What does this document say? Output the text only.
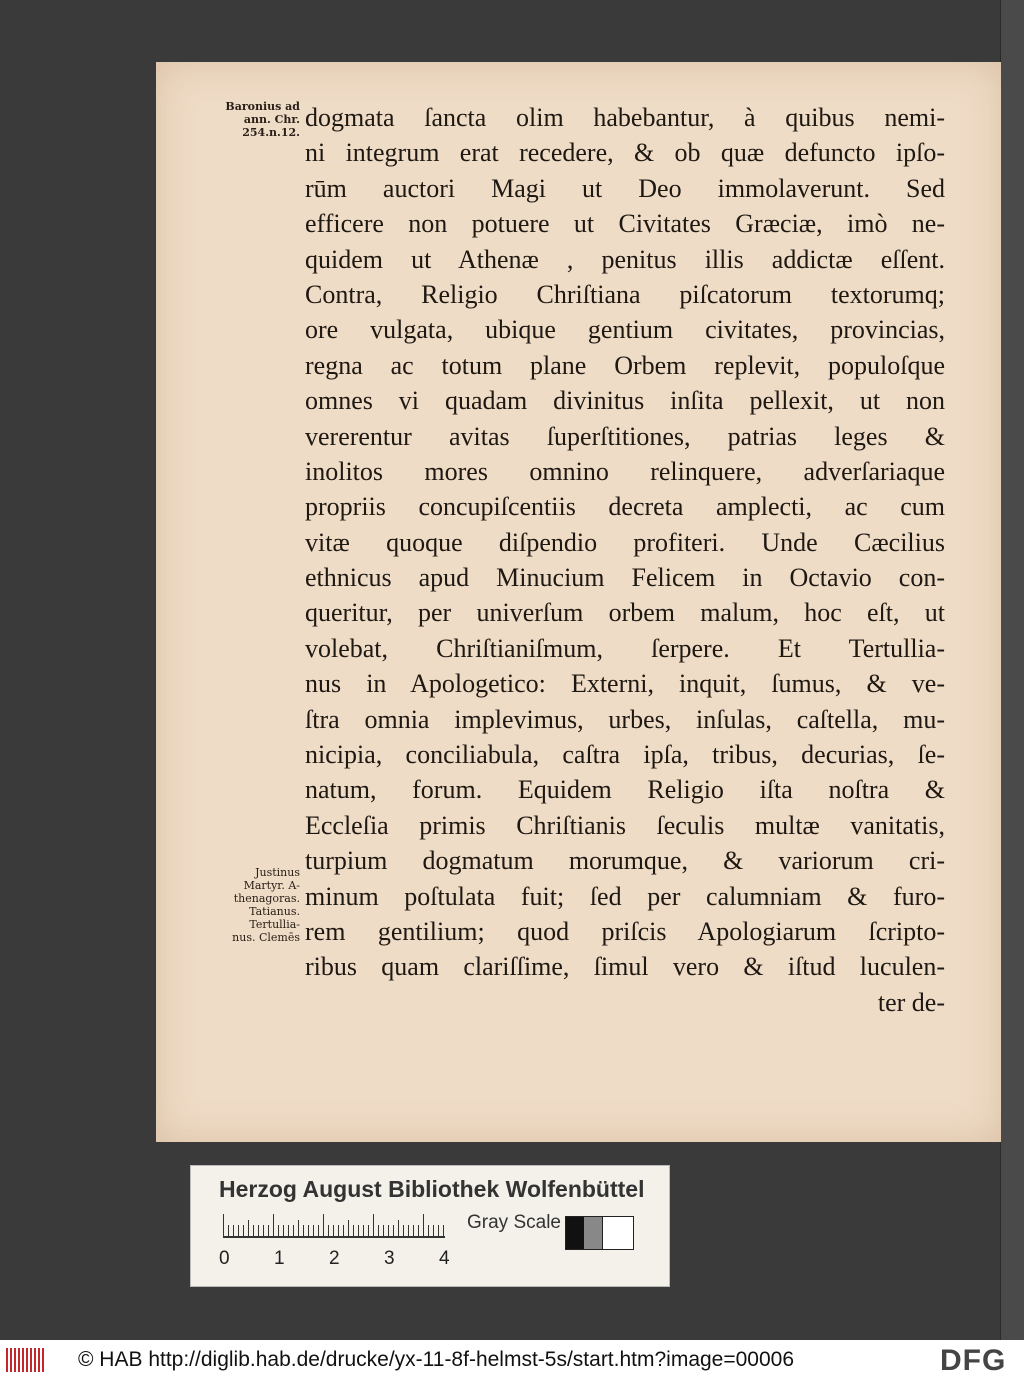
Baronius ad
ann. Chr.
254.n.12.
Justinus
Martyr. A-
thenagoras.
Tatianus.
Tertullia-
nus. Clemēs
dogmata ſancta olim habebantur, à quibus nemi-
ni integrum erat recedere, & ob quæ defuncto ipſo-
rūm auctori Magi ut Deo immolaverunt. Sed
efficere non potuere ut Civitates Græciæ, imò ne-
quidem ut Athenæ , penitus illis addictæ eſſent.
Contra, Religio Chriſtiana piſcatorum textorumq;
ore vulgata, ubique gentium civitates, provincias,
regna ac totum plane Orbem replevit, populoſque
omnes vi quadam divinitus inſita pellexit, ut non
vererentur avitas ſuperſtitiones, patrias leges &
inolitos mores omnino relinquere, adverſariaque
propriis concupiſcentiis decreta amplecti, ac cum
vitæ quoque diſpendio profiteri. Unde Cæcilius
ethnicus apud Minucium Felicem in Octavio con-
queritur, per univerſum orbem malum, hoc eſt, ut
volebat, Chriſtianiſmum, ſerpere. Et Tertullia-
nus in Apologetico: Externi, inquit, ſumus, & ve-
ſtra omnia implevimus, urbes, inſulas, caſtella, mu-
nicipia, conciliabula, caſtra ipſa, tribus, decurias, ſe-
natum, forum. Equidem Religio iſta noſtra &
Eccleſia primis Chriſtianis ſeculis multæ vanitatis,
turpium dogmatum morumque, & variorum cri-
minum poſtulata fuit; ſed per calumniam & furo-
rem gentilium; quod priſcis Apologiarum ſcripto-
ribus quam clariſſime, ſimul vero & iſtud luculen-
ter de-
Herzog August Bibliothek Wolfenbüttel
0 1 2 3 4
Gray Scale
© HAB http://diglib.hab.de/drucke/yx-11-8f-helmst-5s/start.htm?image=00006	DFG
